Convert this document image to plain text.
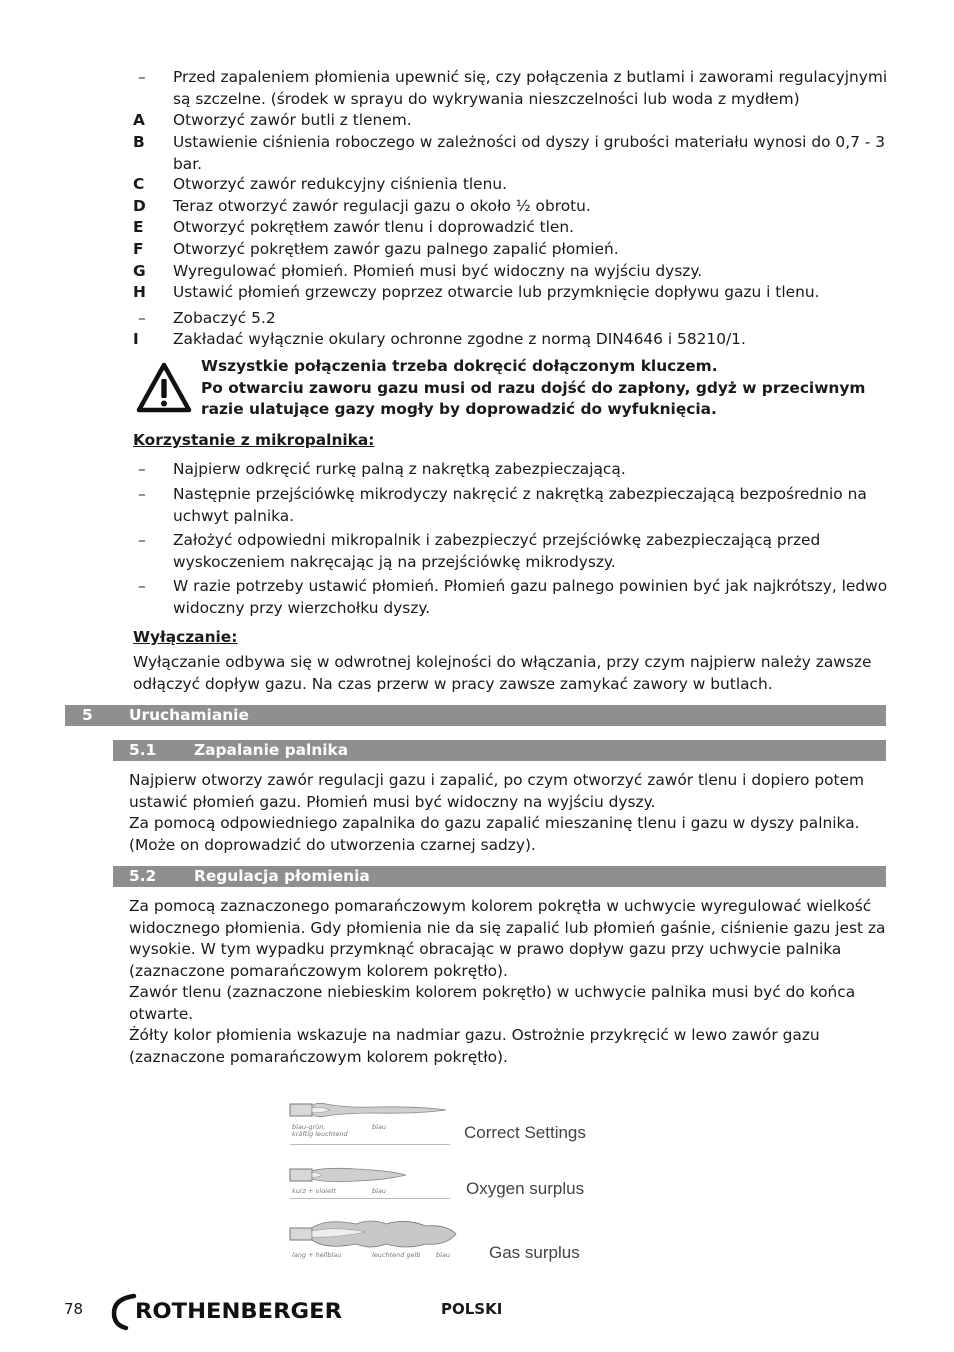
–	Przed zapaleniem płomienia upewnić się, czy połączenia z butlami i zaworami regulacyjnymi są szczelne. (środek w sprayu do wykrywania nieszczelności lub woda z mydłem)
A	Otworzyć zawór butli z tlenem.
B	Ustawienie ciśnienia roboczego w zależności od dyszy i grubości materiału wynosi do 0,7 - 3 bar.
C	Otworzyć zawór redukcyjny ciśnienia tlenu.
D	Teraz otworzyć zawór regulacji gazu o około ½ obrotu.
E	Otworzyć pokrętłem zawór tlenu i doprowadzić tlen.
F	Otworzyć pokrętłem zawór gazu palnego zapalić płomień.
G	Wyregulować płomień. Płomień musi być widoczny na wyjściu dyszy.
H	Ustawić płomień grzewczy poprzez otwarcie lub przymknięcie dopływu gazu i tlenu.
–	Zobaczyć 5.2
I	Zakładać wyłącznie okulary ochronne zgodne z normą DIN4646 i 58210/1.
Wszystkie połączenia trzeba dokręcić dołączonym kluczem.
Po otwarciu zaworu gazu musi od razu dojść do zapłony, gdyż w przeciwnym razie ulatujące gazy mogły by doprowadzić do wyfuknięcia.
Korzystanie z mikropalnika:
–	Najpierw odkręcić rurkę palną z nakrętką zabezpieczającą.
–	Następnie przejściówkę mikrodyczy nakręcić z nakrętką zabezpieczającą bezpośrednio na uchwyt palnika.
–	Założyć odpowiedni mikropalnik i zabezpieczyć przejściówkę zabezpieczającą przed wyskoczeniem nakręcając ją na przejściówkę mikrodyszy.
–	W razie potrzeby ustawić płomień. Płomień gazu palnego powinien być jak najkrótszy, ledwo widoczny przy wierzchołku dyszy.
Wyłączanie:
Wyłączanie odbywa się w odwrotnej kolejności do włączania, przy czym najpierw należy zawsze odłączyć dopływ gazu. Na czas przerw w pracy zawsze zamykać zawory w butlach.
5 Uruchamianie
5.1 Zapalanie palnika
Najpierw otworzy zawór regulacji gazu i zapalić, po czym otworzyć zawór tlenu i dopiero potem ustawić płomień gazu. Płomień musi być widoczny na wyjściu dyszy.
Za pomocą odpowiedniego zapalnika do gazu zapalić mieszaninę tlenu i gazu w dyszy palnika. (Może on doprowadzić do utworzenia czarnej sadzy).
5.2 Regulacja płomienia
Za pomocą zaznaczonego pomarańczowym kolorem pokrętła w uchwycie wyregulować wielkość widocznego płomienia. Gdy płomienia nie da się zapalić lub płomień gaśnie, ciśnienie gazu jest za wysokie. W tym wypadku przymknąć obracając w prawo dopływ gazu przy uchwycie palnika (zaznaczone pomarańczowym kolorem pokrętło).
Zawór tlenu (zaznaczone niebieskim kolorem pokrętło) w uchwycie palnika musi być do końca otwarte.
Żółty kolor płomienia wskazuje na nadmiar gazu. Ostrożnie przykręcić w lewo zawór gazu (zaznaczone pomarańczowym kolorem pokrętło).
blau-grün,
kräftig leuchtend
blau	Correct Settings
kurz + violett	blau	Oxygen surplus
lang + hellblau	leuchtend gelb blau Gas surplus
78 ROTHENBERGER	POLSKI
